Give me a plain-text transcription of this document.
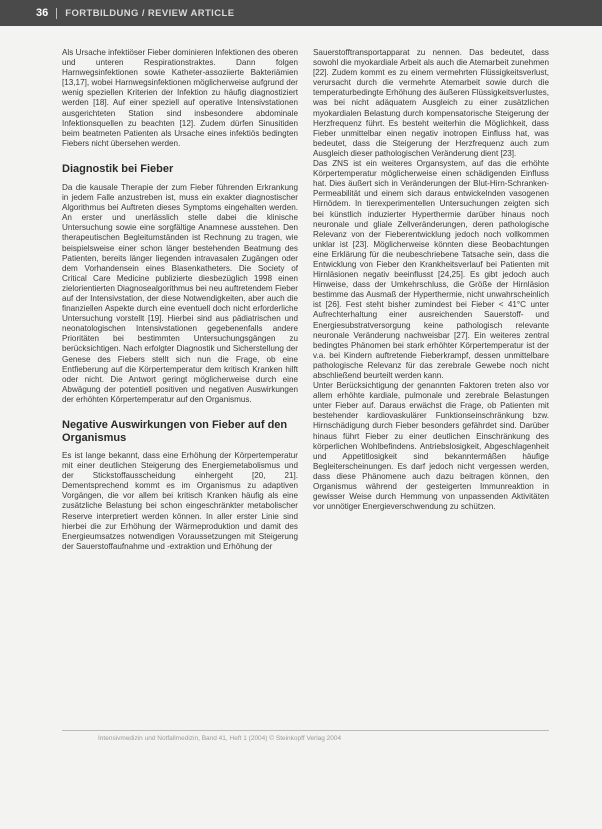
36 FORTBILDUNG / REVIEW ARTICLE

Als Ursache infektiöser Fieber dominieren Infektionen des oberen und unteren Respirationstraktes. Dann folgen Harnwegsinfektionen sowie Katheter-assoziierte Bakteriämien [13,17], wobei Harnwegsinfektionen möglicherweise aufgrund der wenig speziellen Kriterien der Infektion zu häufig diagnostiziert werden [18]. Auf einer speziell auf operative Intensivstationen ausgerichteten Station sind insbesondere abdominale Infektionsquellen zu beachten [12]. Zudem dürfen Sinusitiden beim beatmeten Patienten als Ursache eines infektiös bedingten Fiebers nicht übersehen werden.

Diagnostik bei Fieber

Da die kausale Therapie der zum Fieber führenden Erkrankung in jedem Falle anzustreben ist, muss ein exakter diagnostischer Algorithmus bei Auftreten dieses Symptoms eingehalten werden. An erster und unerlässlich stelle dabei die klinische Untersuchung sowie eine sorgfältige Anamnese ausstehen. Den therapeutischen Begleitumständen ist Rechnung zu tragen, wie beispielsweise einer schon länger bestehenden Beatmung des Patienten, bereits länger liegenden intravasalen Zugängen oder dem Vorhandensein eines Blasenkatheters. Die Society of Critical Care Medicine publizierte diesbezüglich 1998 einen zielorientierten Diagnosealgorithmus bei neu auftretendem Fieber auf der Intensivstation, der diese Notwendigkeiten, aber auch die finanziellen Aspekte durch eine eventuell doch nicht erforderliche Untersuchung vorstellt [19]. Hierbei sind aus pädiatrischen und neonatologischen Intensivstationen gegebenenfalls andere Prioritäten bei bestimmten Untersuchungsgängen zu berücksichtigen. Nach erfolgter Diagnostik und Sicherstellung der Genese des Fiebers stellt sich nun die Frage, ob eine Entfieberung auf die Körpertemperatur dem kritisch Kranken hilft oder nicht. Die Antwort geringt möglicherweise durch eine Abwägung der potentiell positiven und negativen Auswirkungen der erhöhten Körpertemperatur auf den Organismus.

Negative Auswirkungen von Fieber auf den Organismus

Es ist lange bekannt, dass eine Erhöhung der Körpertemperatur mit einer deutlichen Steigerung des Energiemetabolismus und der Stickstoffausscheidung einhergeht [20, 21]. Dementsprechend kommt es im Organismus zu adaptiven Vorgängen, die vor allem bei kritisch Kranken häufig als eine zusätzliche Belastung bei schon eingeschränkter metabolischer Reserve interpretiert werden können. In aller erster Linie sind hierbei die zur Erhöhung der Wärmeproduktion und damit des Energieumsatzes notwendigen Voraussetzungen mit Steigerung der Sauerstoffaufnahme und -extraktion und Erhöhung der

Sauerstofftransportapparat zu nennen. Das bedeutet, dass sowohl die myokardiale Arbeit als auch die Atemarbeit zunehmen [22]. Zudem kommt es zu einem vermehrten Flüssigkeitsverlust, verursacht durch die vermehrte Atemarbeit sowie durch die temperaturbedingte Erhöhung des äußeren Flüssigkeitsverlustes, was bei nicht adäquatem Ausgleich zu einer zusätzlichen myokardialen Belastung durch kompensatorische Steigerung der Herzfrequenz führt. Es besteht weiterhin die Möglichkeit, dass Fieber unmittelbar einen negativ inotropen Einfluss hat, was bedeutet, dass die Steigerung der Herzfrequenz auch zum Ausgleich dieser pathologischen Veränderung dient [23].

Das ZNS ist ein weiteres Organsystem, auf das die erhöhte Körpertemperatur möglicherweise einen schädigenden Einfluss hat. Dies äußert sich in Veränderungen der Blut-Hirn-Schranken-Permeabilität und einem sich daraus entwickelnden vasogenen Hirnödem. In tierexperimentellen Untersuchungen zeigten sich bei künstlich induzierter Hyperthermie darüber hinaus noch neuronale und gliale Zellveränderungen, deren pathologische Relevanz von der Fieberentwicklung jedoch noch vollkommen unklar ist [23]. Möglicherweise könnten diese Beobachtungen eine Erklärung für die neubeschriebene Tatsache sein, dass die Entwicklung von Fieber den Krankheitsverlauf bei Patienten mit Hirnläsionen negativ beeinflusst [24,25]. Es gibt jedoch auch Hinweise, dass der Umkehrschluss, die Größe der Hirnläsion bestimme das Ausmaß der Hyperthermie, nicht unwahrscheinlich ist [26]. Fest steht bisher zumindest bei Fieber < 41°C unter Aufrechterhaltung einer ausreichenden Sauerstoff- und Energiesubstratversorgung keine pathologisch relevante neuronale Veränderung nachweisbar [27]. Ein weiteres zentral bedingtes Phänomen bei stark erhöhter Körpertemperatur ist der v.a. bei Kindern auftretende Fieberkrampf, dessen unmittelbare pathologische Relevanz für das zerebrale Gewebe noch nicht abschließend beurteilt werden kann.

Unter Berücksichtigung der genannten Faktoren treten also vor allem erhöhte kardiale, pulmonale und zerebrale Belastungen unter Fieber auf. Daraus erwächst die Frage, ob Patienten mit bestehender kardiovaskulärer Funktionseinschränkung bzw. Hirnschädigung durch Fieber besonders gefährdet sind. Darüber hinaus führt Fieber zu einer deutlichen Einschränkung des körperlichen Wohlbefindens. Antriebslosigkeit, Abgeschlagenheit und Appetitlosigkeit sind bekannterma̎ßen häufige Begleiterscheinungen. Es darf jedoch nicht vergessen werden, dass diese Phänomene auch dazu beitragen können, den Organismus während der gesteigerten Immunreaktion in gewisser Weise durch Hemmung von unpassenden Aktivitäten vor unnötiger Energieverschwendung zu schützen.

Intensivmedizin und Notfallmedizin, Band 41, Heft 1 (2004) © Steinkopff Verlag 2004
